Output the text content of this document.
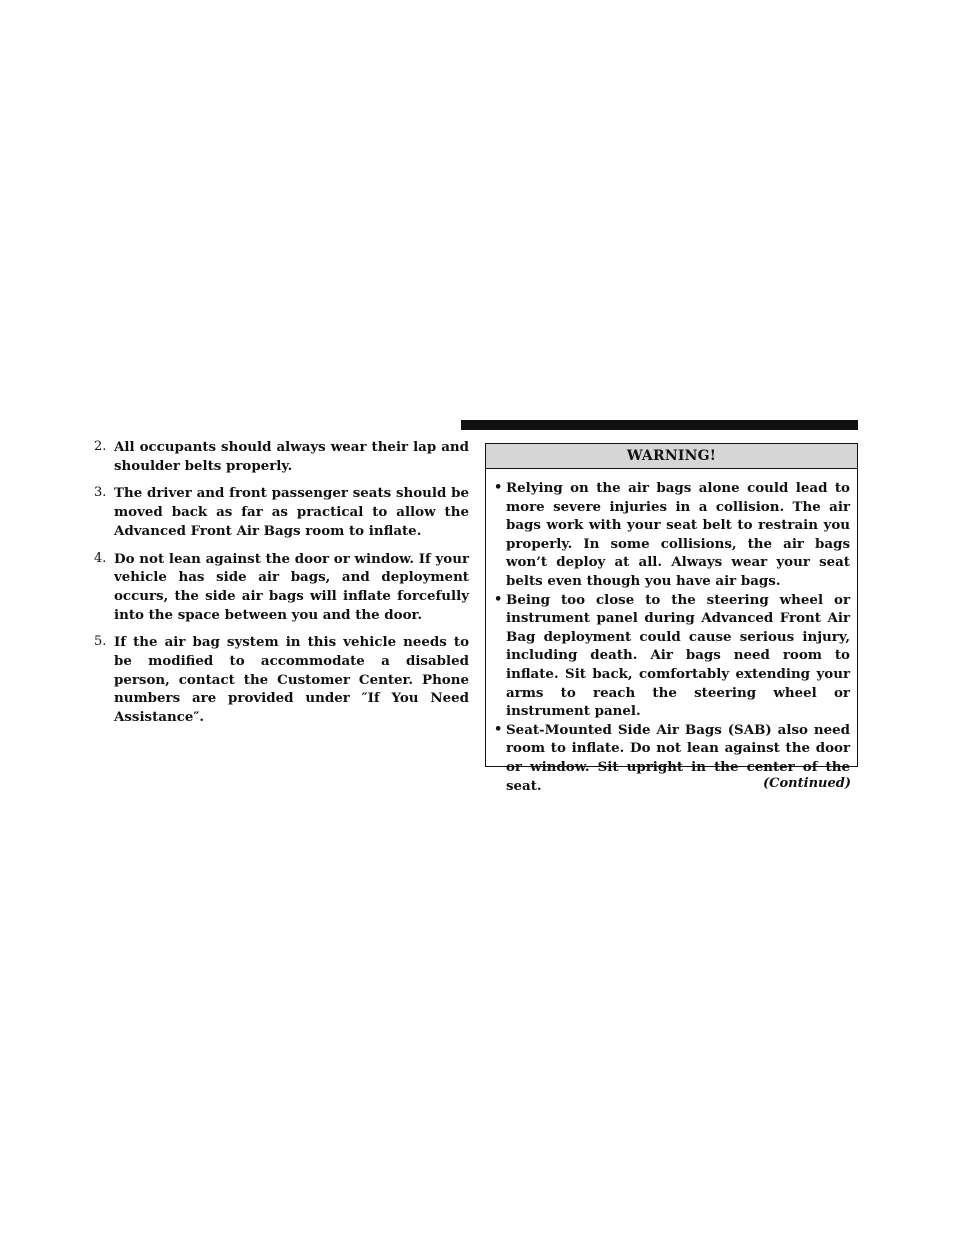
2. All occupants should always wear their lap and shoulder belts properly.
3. The driver and front passenger seats should be moved back as far as practical to allow the Advanced Front Air Bags room to inflate.
4. Do not lean against the door or window. If your vehicle has side air bags, and deployment occurs, the side air bags will inflate forcefully into the space between you and the door.
5. If the air bag system in this vehicle needs to be modified to accommodate a disabled person, contact the Customer Center. Phone numbers are provided under ″If You Need Assistance″.
WARNING!
• Relying on the air bags alone could lead to more severe injuries in a collision. The air bags work with your seat belt to restrain you properly. In some collisions, the air bags won’t deploy at all. Always wear your seat belts even though you have air bags.
• Being too close to the steering wheel or instrument panel during Advanced Front Air Bag deployment could cause serious injury, including death. Air bags need room to inflate. Sit back, comfortably extending your arms to reach the steering wheel or instrument panel.
• Seat-Mounted Side Air Bags (SAB) also need room to inflate. Do not lean against the door or window. Sit upright in the center of the seat.	(Continued)
